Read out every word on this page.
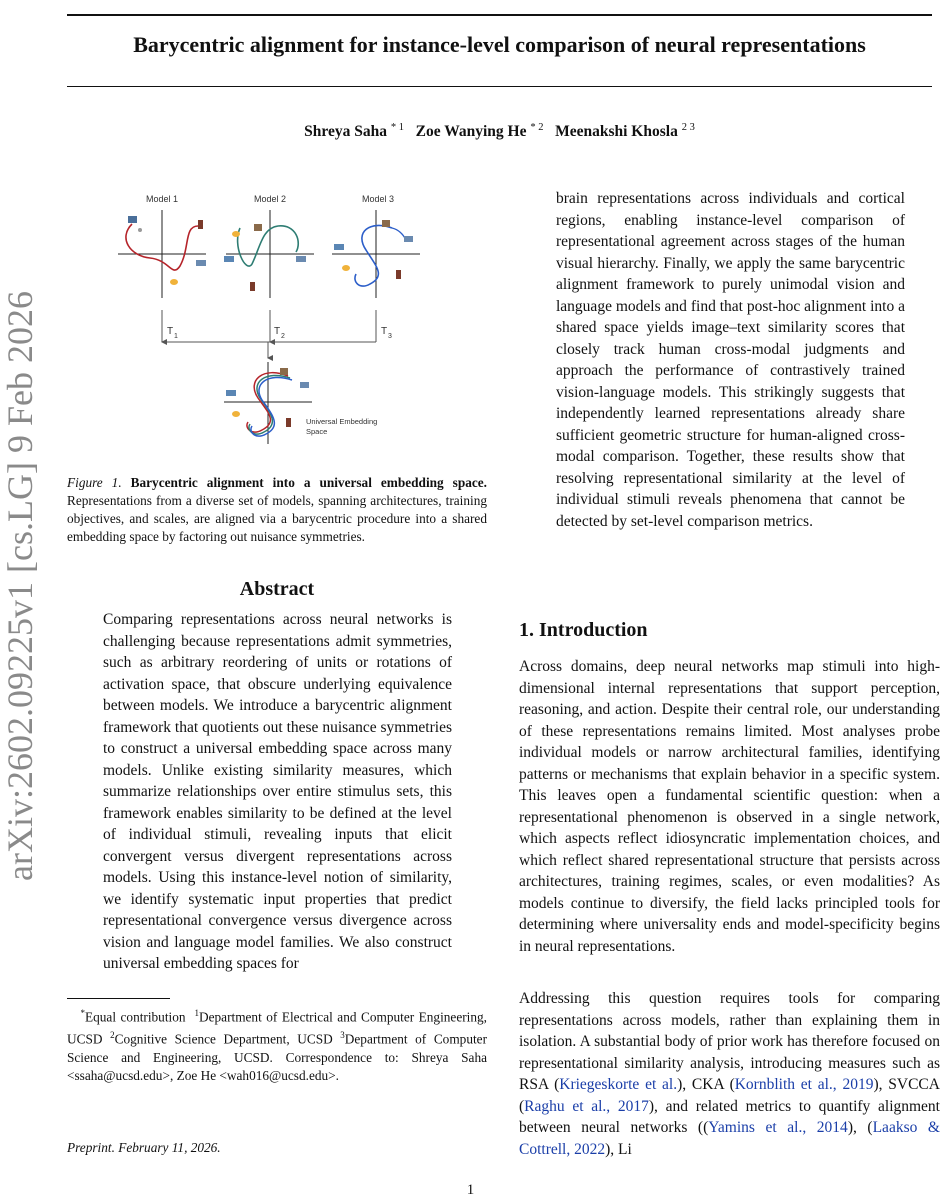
Barycentric alignment for instance-level comparison of neural representations
Shreya Saha $^{* 1}$ Zoe Wanying He $^{* 2}$ Meenakshi Khosla $^{2 3}$
arXiv:2602.09225v1 [cs.LG] 9 Feb 2026
Model 1	Model 2	Model 3
T 1	T 2	T 3
Universal Embedding
Space
Figure 1. Barycentric alignment into a universal embedding space. Representations from a diverse set of models, spanning architectures, training objectives, and scales, are aligned via a barycentric procedure into a shared embedding space by factoring out nuisance symmetries.
Abstract
Comparing representations across neural networks is challenging because representations admit symmetries, such as arbitrary reordering of units or rotations of activation space, that obscure underlying equivalence between models. We introduce a barycentric alignment framework that quotients out these nuisance symmetries to construct a universal embedding space across many models. Unlike existing similarity measures, which summarize relationships over entire stimulus sets, this framework enables similarity to be defined at the level of individual stimuli, revealing inputs that elicit convergent versus divergent representations across models. Using this instance-level notion of similarity, we identify systematic input properties that predict representational convergence versus divergence across vision and language model families. We also construct universal embedding spaces for
*Equal contribution $^1$Department of Electrical and Computer Engineering, UCSD $^2$Cognitive Science Department, UCSD $^3$Department of Computer Science and Engineering, UCSD. Correspondence to: Shreya Saha <ssaha@ucsd.edu>, Zoe He <wah016@ucsd.edu>.
Preprint. February 11, 2026.
brain representations across individuals and cortical regions, enabling instance-level comparison of representational agreement across stages of the human visual hierarchy. Finally, we apply the same barycentric alignment framework to purely unimodal vision and language models and find that post-hoc alignment into a shared space yields image–text similarity scores that closely track human cross-modal judgments and approach the performance of contrastively trained vision-language models. This strikingly suggests that independently learned representations already share sufficient geometric structure for human-aligned cross-modal comparison. Together, these results show that resolving representational similarity at the level of individual stimuli reveals phenomena that cannot be detected by set-level comparison metrics.
1. Introduction
Across domains, deep neural networks map stimuli into high-dimensional internal representations that support perception, reasoning, and action. Despite their central role, our understanding of these representations remains limited. Most analyses probe individual models or narrow architectural families, identifying patterns or mechanisms that explain behavior in a specific system. This leaves open a fundamental scientific question: when a representational phenomenon is observed in a single network, which aspects reflect idiosyncratic implementation choices, and which reflect shared representational structure that persists across architectures, training regimes, scales, or even modalities? As models continue to diversify, the field lacks principled tools for determining where universality ends and model-specificity begins in neural representations.
Addressing this question requires tools for comparing representations across models, rather than explaining them in isolation. A substantial body of prior work has therefore focused on representational similarity analysis, introducing measures such as RSA (Kriegeskorte et al.), CKA (Kornblith et al., 2019), SVCCA (Raghu et al., 2017), and related metrics to quantify alignment between neural networks ((Yamins et al., 2014), (Laakso & Cottrell, 2022), Li
1
